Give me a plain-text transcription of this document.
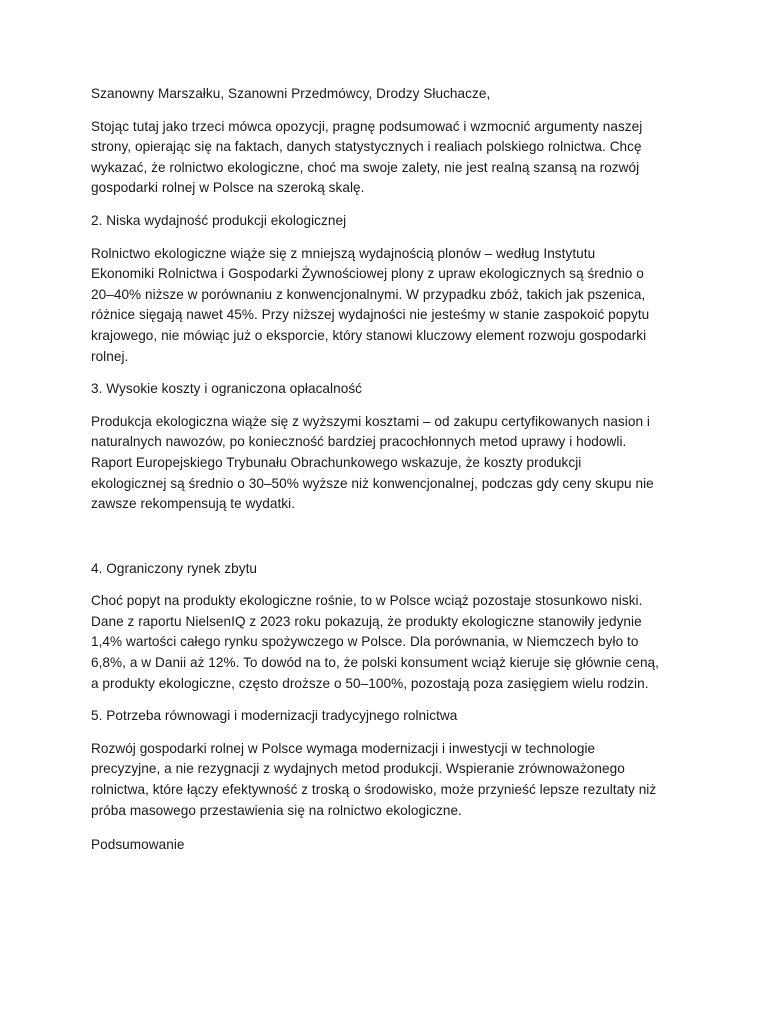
Szanowny Marszałku, Szanowni Przedmówcy, Drodzy Słuchacze,

Stojąc tutaj jako trzeci mówca opozycji, pragnę podsumować i wzmocnić argumenty naszej
strony, opierając się na faktach, danych statystycznych i realiach polskiego rolnictwa. Chcę
wykazać, że rolnictwo ekologiczne, choć ma swoje zalety, nie jest realną szansą na rozwój
gospodarki rolnej w Polsce na szeroką skalę.

2. Niska wydajność produkcji ekologicznej

Rolnictwo ekologiczne wiąże się z mniejszą wydajnością plonów – według Instytutu
Ekonomiki Rolnictwa i Gospodarki Żywnościowej plony z upraw ekologicznych są średnio o
20–40% niższe w porównaniu z konwencjonalnymi. W przypadku zbóż, takich jak pszenica,
różnice sięgają nawet 45%. Przy niższej wydajności nie jesteśmy w stanie zaspokoić popytu
krajowego, nie mówiąc już o eksporcie, który stanowi kluczowy element rozwoju gospodarki
rolnej.

3. Wysokie koszty i ograniczona opłacalność

Produkcja ekologiczna wiąże się z wyższymi kosztami – od zakupu certyfikowanych nasion i
naturalnych nawozów, po konieczność bardziej pracochłonnych metod uprawy i hodowli.
Raport Europejskiego Trybunału Obrachunkowego wskazuje, że koszty produkcji
ekologicznej są średnio o 30–50% wyższe niż konwencjonalnej, podczas gdy ceny skupu nie
zawsze rekompensują te wydatki.

4. Ograniczony rynek zbytu

Choć popyt na produkty ekologiczne rośnie, to w Polsce wciąż pozostaje stosunkowo niski.
Dane z raportu NielsenIQ z 2023 roku pokazują, że produkty ekologiczne stanowiły jedynie
1,4% wartości całego rynku spożywczego w Polsce. Dla porównania, w Niemczech było to
6,8%, a w Danii aż 12%. To dowód na to, że polski konsument wciąż kieruje się głównie ceną,
a produkty ekologiczne, często droższe o 50–100%, pozostają poza zasięgiem wielu rodzin.

5. Potrzeba równowagi i modernizacji tradycyjnego rolnictwa

Rozwój gospodarki rolnej w Polsce wymaga modernizacji i inwestycji w technologie
precyzyjne, a nie rezygnacji z wydajnych metod produkcji. Wspieranie zrównoważonego
rolnictwa, które łączy efektywność z troską o środowisko, może przynieść lepsze rezultaty niż
próba masowego przestawienia się na rolnictwo ekologiczne.

Podsumowanie
